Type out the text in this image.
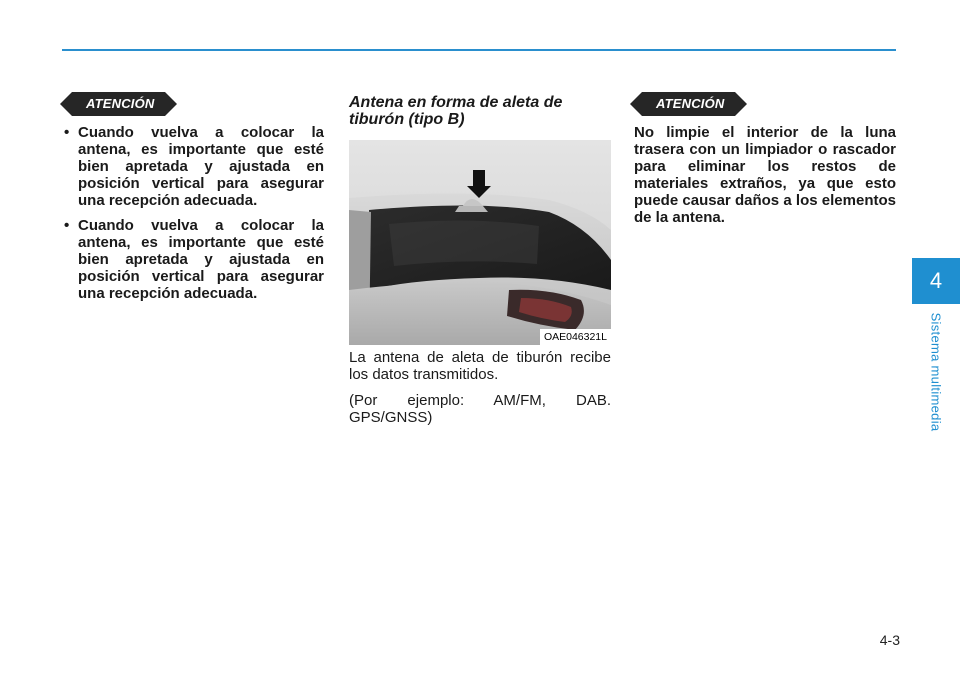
ATENCIÓN
• Cuando vuelva a colocar la antena, es importante que esté bien apretada y ajustada en posición vertical para asegurar una recepción adecuada.
• Cuando vuelva a colocar la antena, es importante que esté bien apretada y ajustada en posición vertical para asegurar una recepción adecuada.
Antena en forma de aleta de tiburón (tipo B)
OAE046321L
La antena de aleta de tiburón recibe los datos transmitidos.
(Por ejemplo: AM/FM, DAB. GPS/GNSS)
ATENCIÓN
No limpie el interior de la luna trasera con un limpiador o rascador para eliminar los restos de materiales extraños, ya que esto puede causar daños a los elementos de la antena.
4
Sistema multimedia
4-3
